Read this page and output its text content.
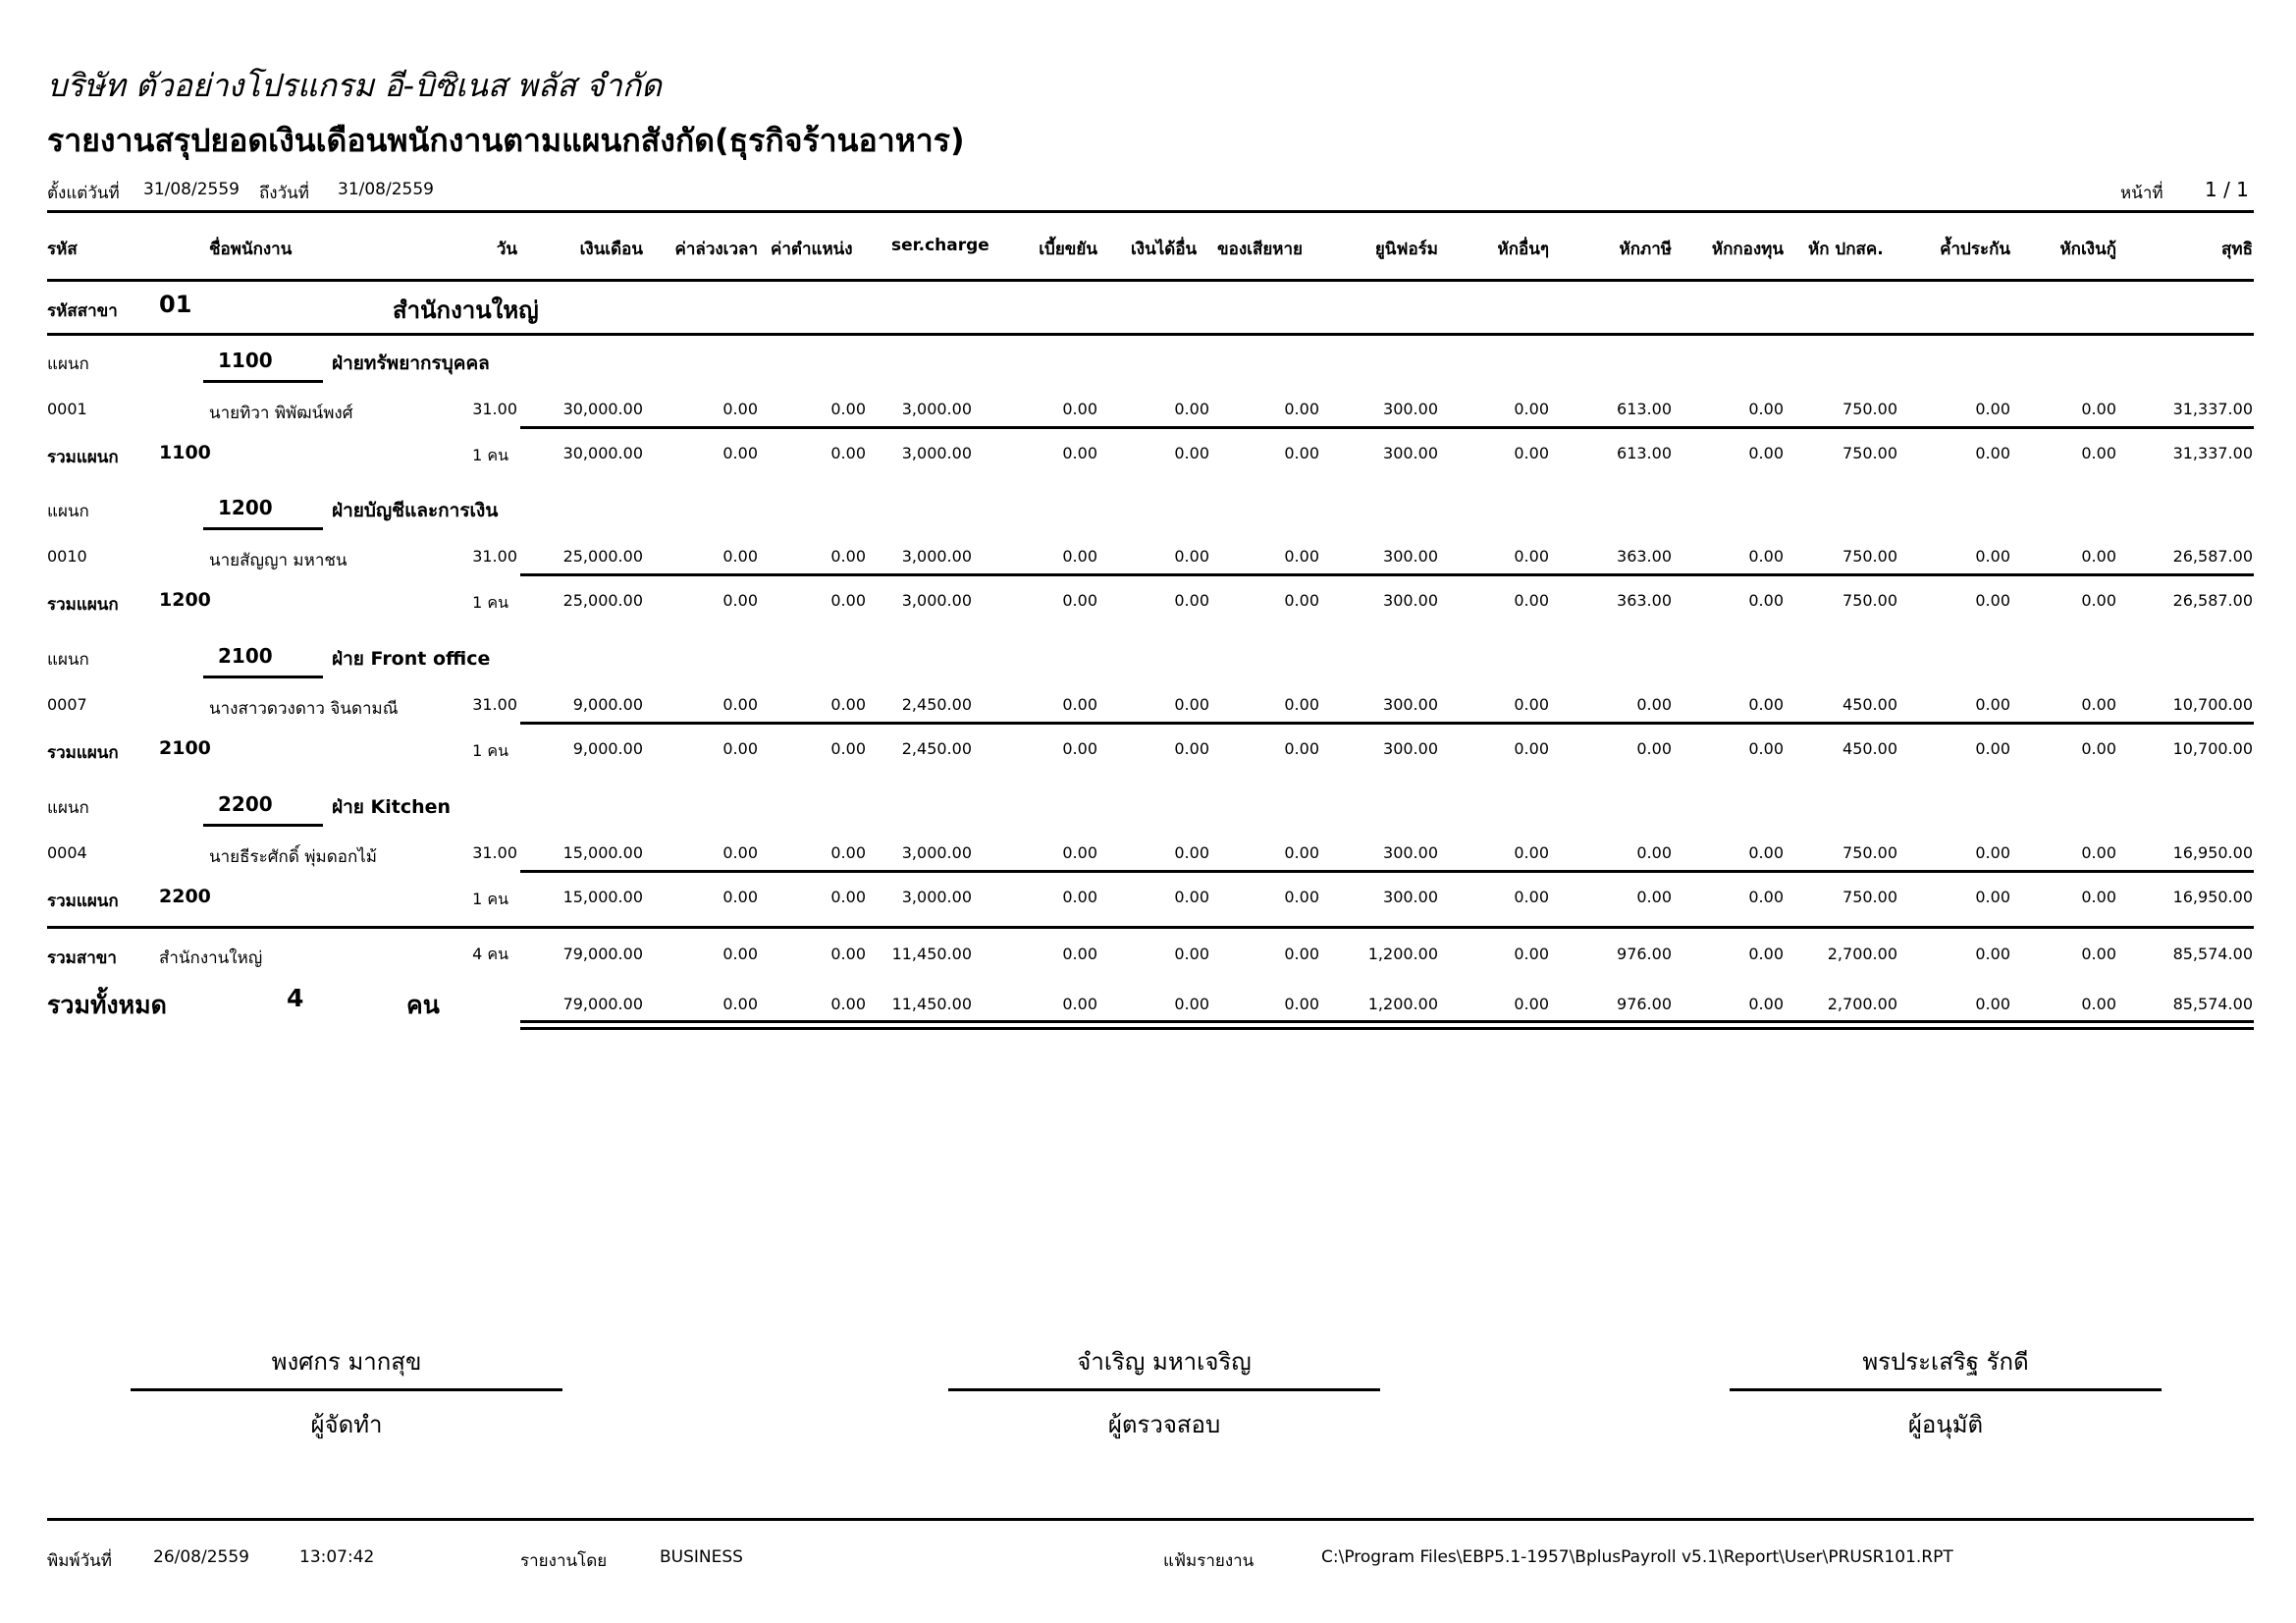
บริษัท ตัวอย่างโปรแกรม อี-บิซิเนส พลัส จำกัด
รายงานสรุปยอดเงินเดือนพนักงานตามแผนกสังกัด(ธุรกิจร้านอาหาร)
ตั้งแต่วันที่ 31/08/2559 ถึงวันที่ 31/08/2559	หน้าที่ 1 / 1
รหัส	ชื่อพนักงาน	วัน	เงินเดือน ค่าล่วงเวลา ค่าตำแหน่ง ser.charge	เบี้ยขยัน เงินได้อื่น ของเสียหาย	ยูนิฟอร์ม	หักอื่นๆ	หักภาษี หักกองทุน หัก ปกสค.	ค้ำประกัน	หักเงินกู้	สุทธิ
รหัสสาขา 01	สำนักงานใหญ่
แผนก	1100	ฝ่ายทรัพยากรบุคคล
0001	นายทิวา พิพัฒน์พงศ์	31.00	30,000.00	0.00	0.00 3,000.00	0.00	0.00	0.00	300.00	0.00	613.00	0.00	750.00	0.00	0.00	31,337.00
รวมแผนก 1100	1 คน	30,000.00	0.00	0.00 3,000.00	0.00	0.00	0.00	300.00	0.00	613.00	0.00	750.00	0.00	0.00	31,337.00
แผนก	1200	ฝ่ายบัญชีและการเงิน
0010	นายสัญญา มหาชน	31.00	25,000.00	0.00	0.00 3,000.00	0.00	0.00	0.00	300.00	0.00	363.00	0.00	750.00	0.00	0.00	26,587.00
รวมแผนก 1200	1 คน	25,000.00	0.00	0.00 3,000.00	0.00	0.00	0.00	300.00	0.00	363.00	0.00	750.00	0.00	0.00	26,587.00
แผนก	2100	ฝ่าย Front office
0007	นางสาวดวงดาว จินดามณี	31.00	9,000.00	0.00	0.00 2,450.00	0.00	0.00	0.00	300.00	0.00	0.00	0.00	450.00	0.00	0.00	10,700.00
รวมแผนก 2100	1 คน	9,000.00	0.00	0.00 2,450.00	0.00	0.00	0.00	300.00	0.00	0.00	0.00	450.00	0.00	0.00	10,700.00
แผนก	2200	ฝ่าย Kitchen
0004	นายธีระศักดิ์ พุ่มดอกไม้	31.00	15,000.00	0.00	0.00 3,000.00	0.00	0.00	0.00	300.00	0.00	0.00	0.00	750.00	0.00	0.00	16,950.00
รวมแผนก 2200	1 คน	15,000.00	0.00	0.00 3,000.00	0.00	0.00	0.00	300.00	0.00	0.00	0.00	750.00	0.00	0.00	16,950.00
รวมสาขา	สำนักงานใหญ่	4 คน	79,000.00	0.00	0.00 11,450.00	0.00	0.00	0.00	1,200.00	0.00	976.00	0.00	2,700.00	0.00	0.00	85,574.00
รวมทั้งหมด	4	คน	79,000.00	0.00	0.00 11,450.00	0.00	0.00	0.00	1,200.00	0.00	976.00	0.00	2,700.00	0.00	0.00	85,574.00
พงศกร มากสุข
ผู้จัดทำ
จำเริญ มหาเจริญ
ผู้ตรวจสอบ
พรประเสริฐ รักดี
ผู้อนุมัติ
พิมพ์วันที่ 26/08/2559	13:07:42	รายงานโดย	BUSINESS	แฟ้มรายงาน	C:\Program Files\EBP5.1-1957\BplusPayroll v5.1\Report\User\PRUSR101.RPT
